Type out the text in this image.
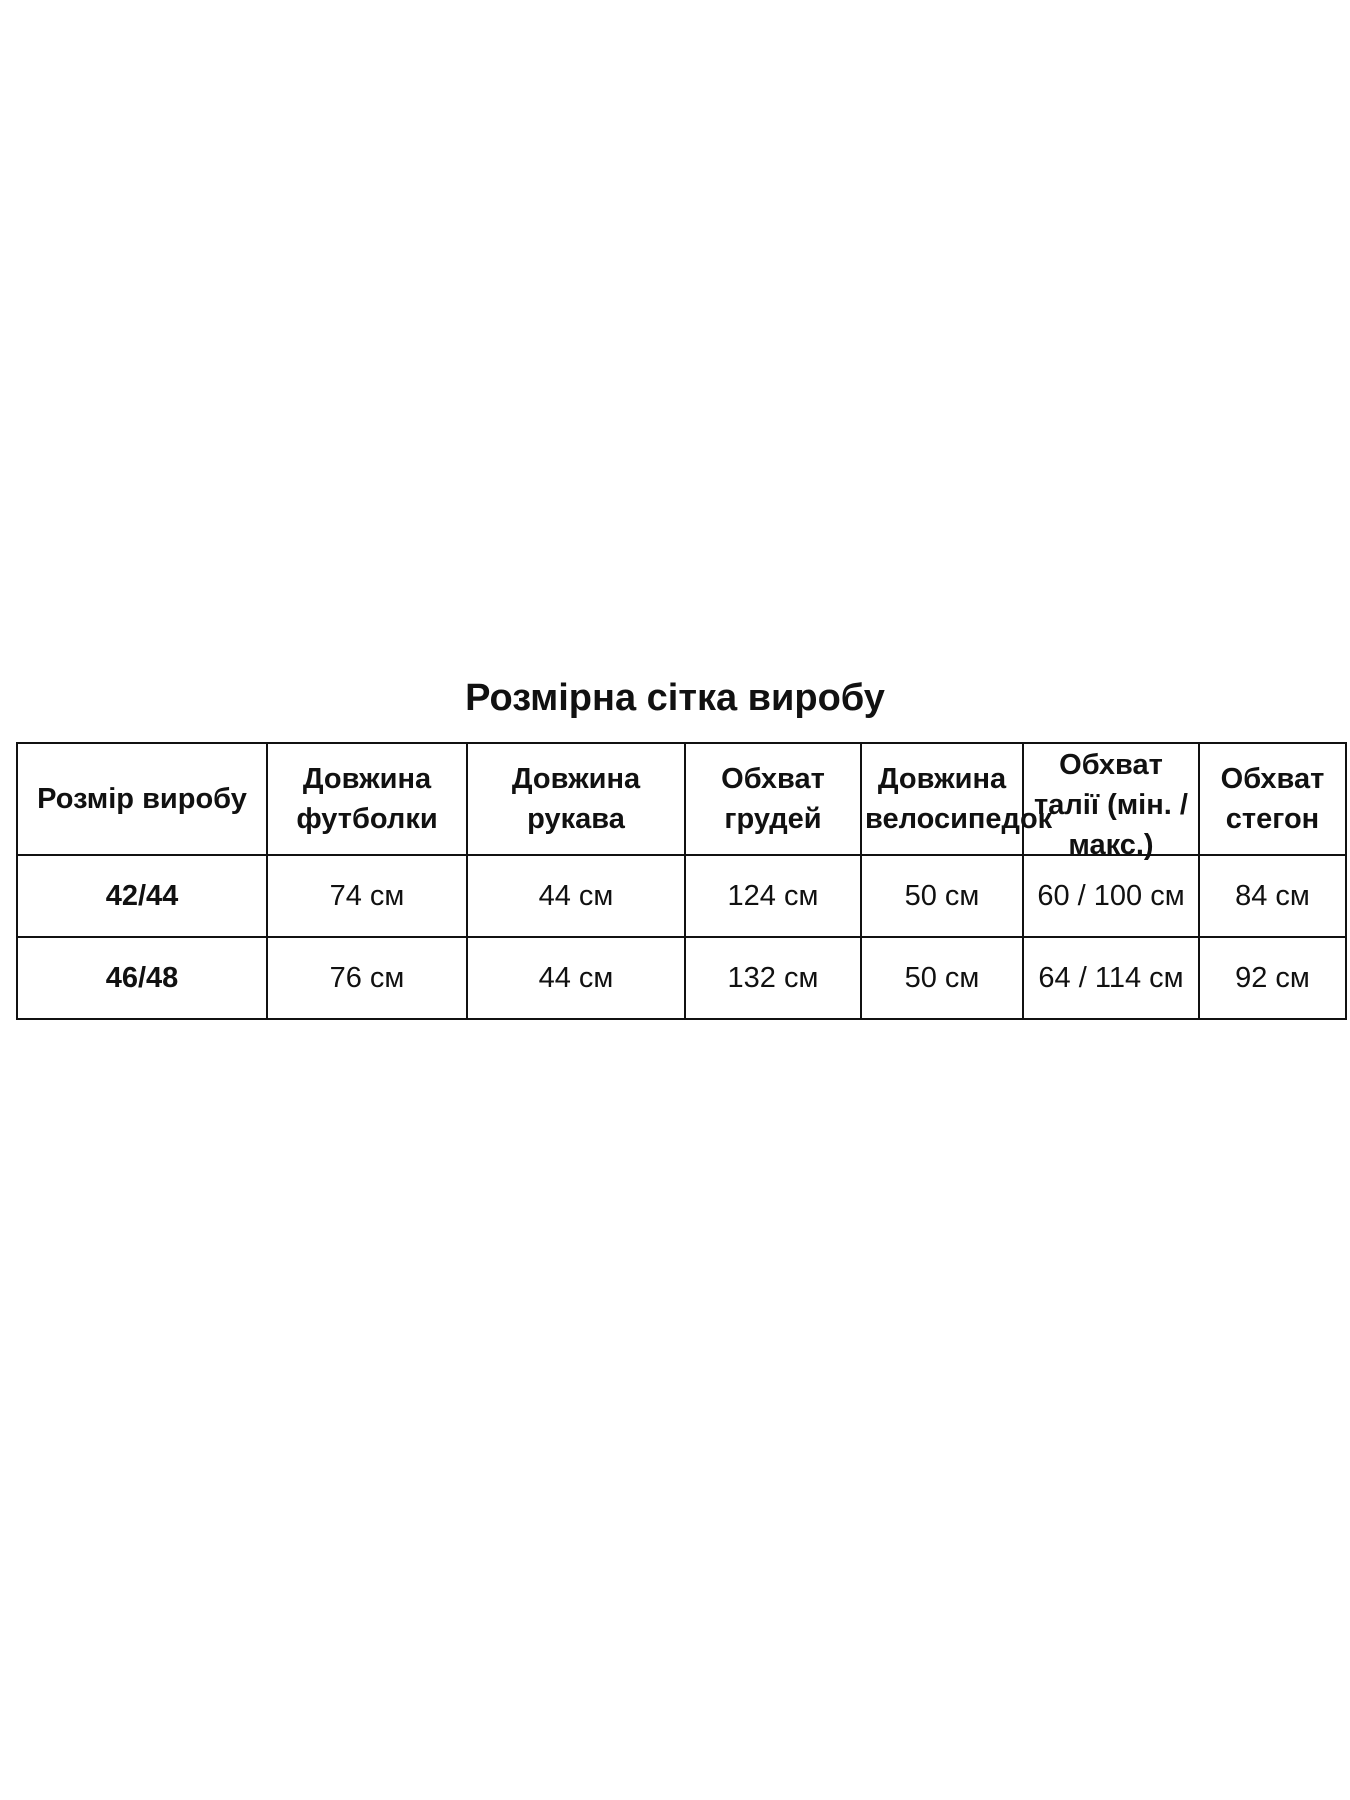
Розмірна сітка виробу
Розмір виробу	Довжина футболки	Довжина рукава	Обхват грудей	Довжина велосипедок	Обхват талії (мін. / макс.)	Обхват стегон

42/44	74 см	44 см	124 см	50 см	60 / 100 см	84 см
46/48	76 см	44 см	132 см	50 см	64 / 114 см	92 см
